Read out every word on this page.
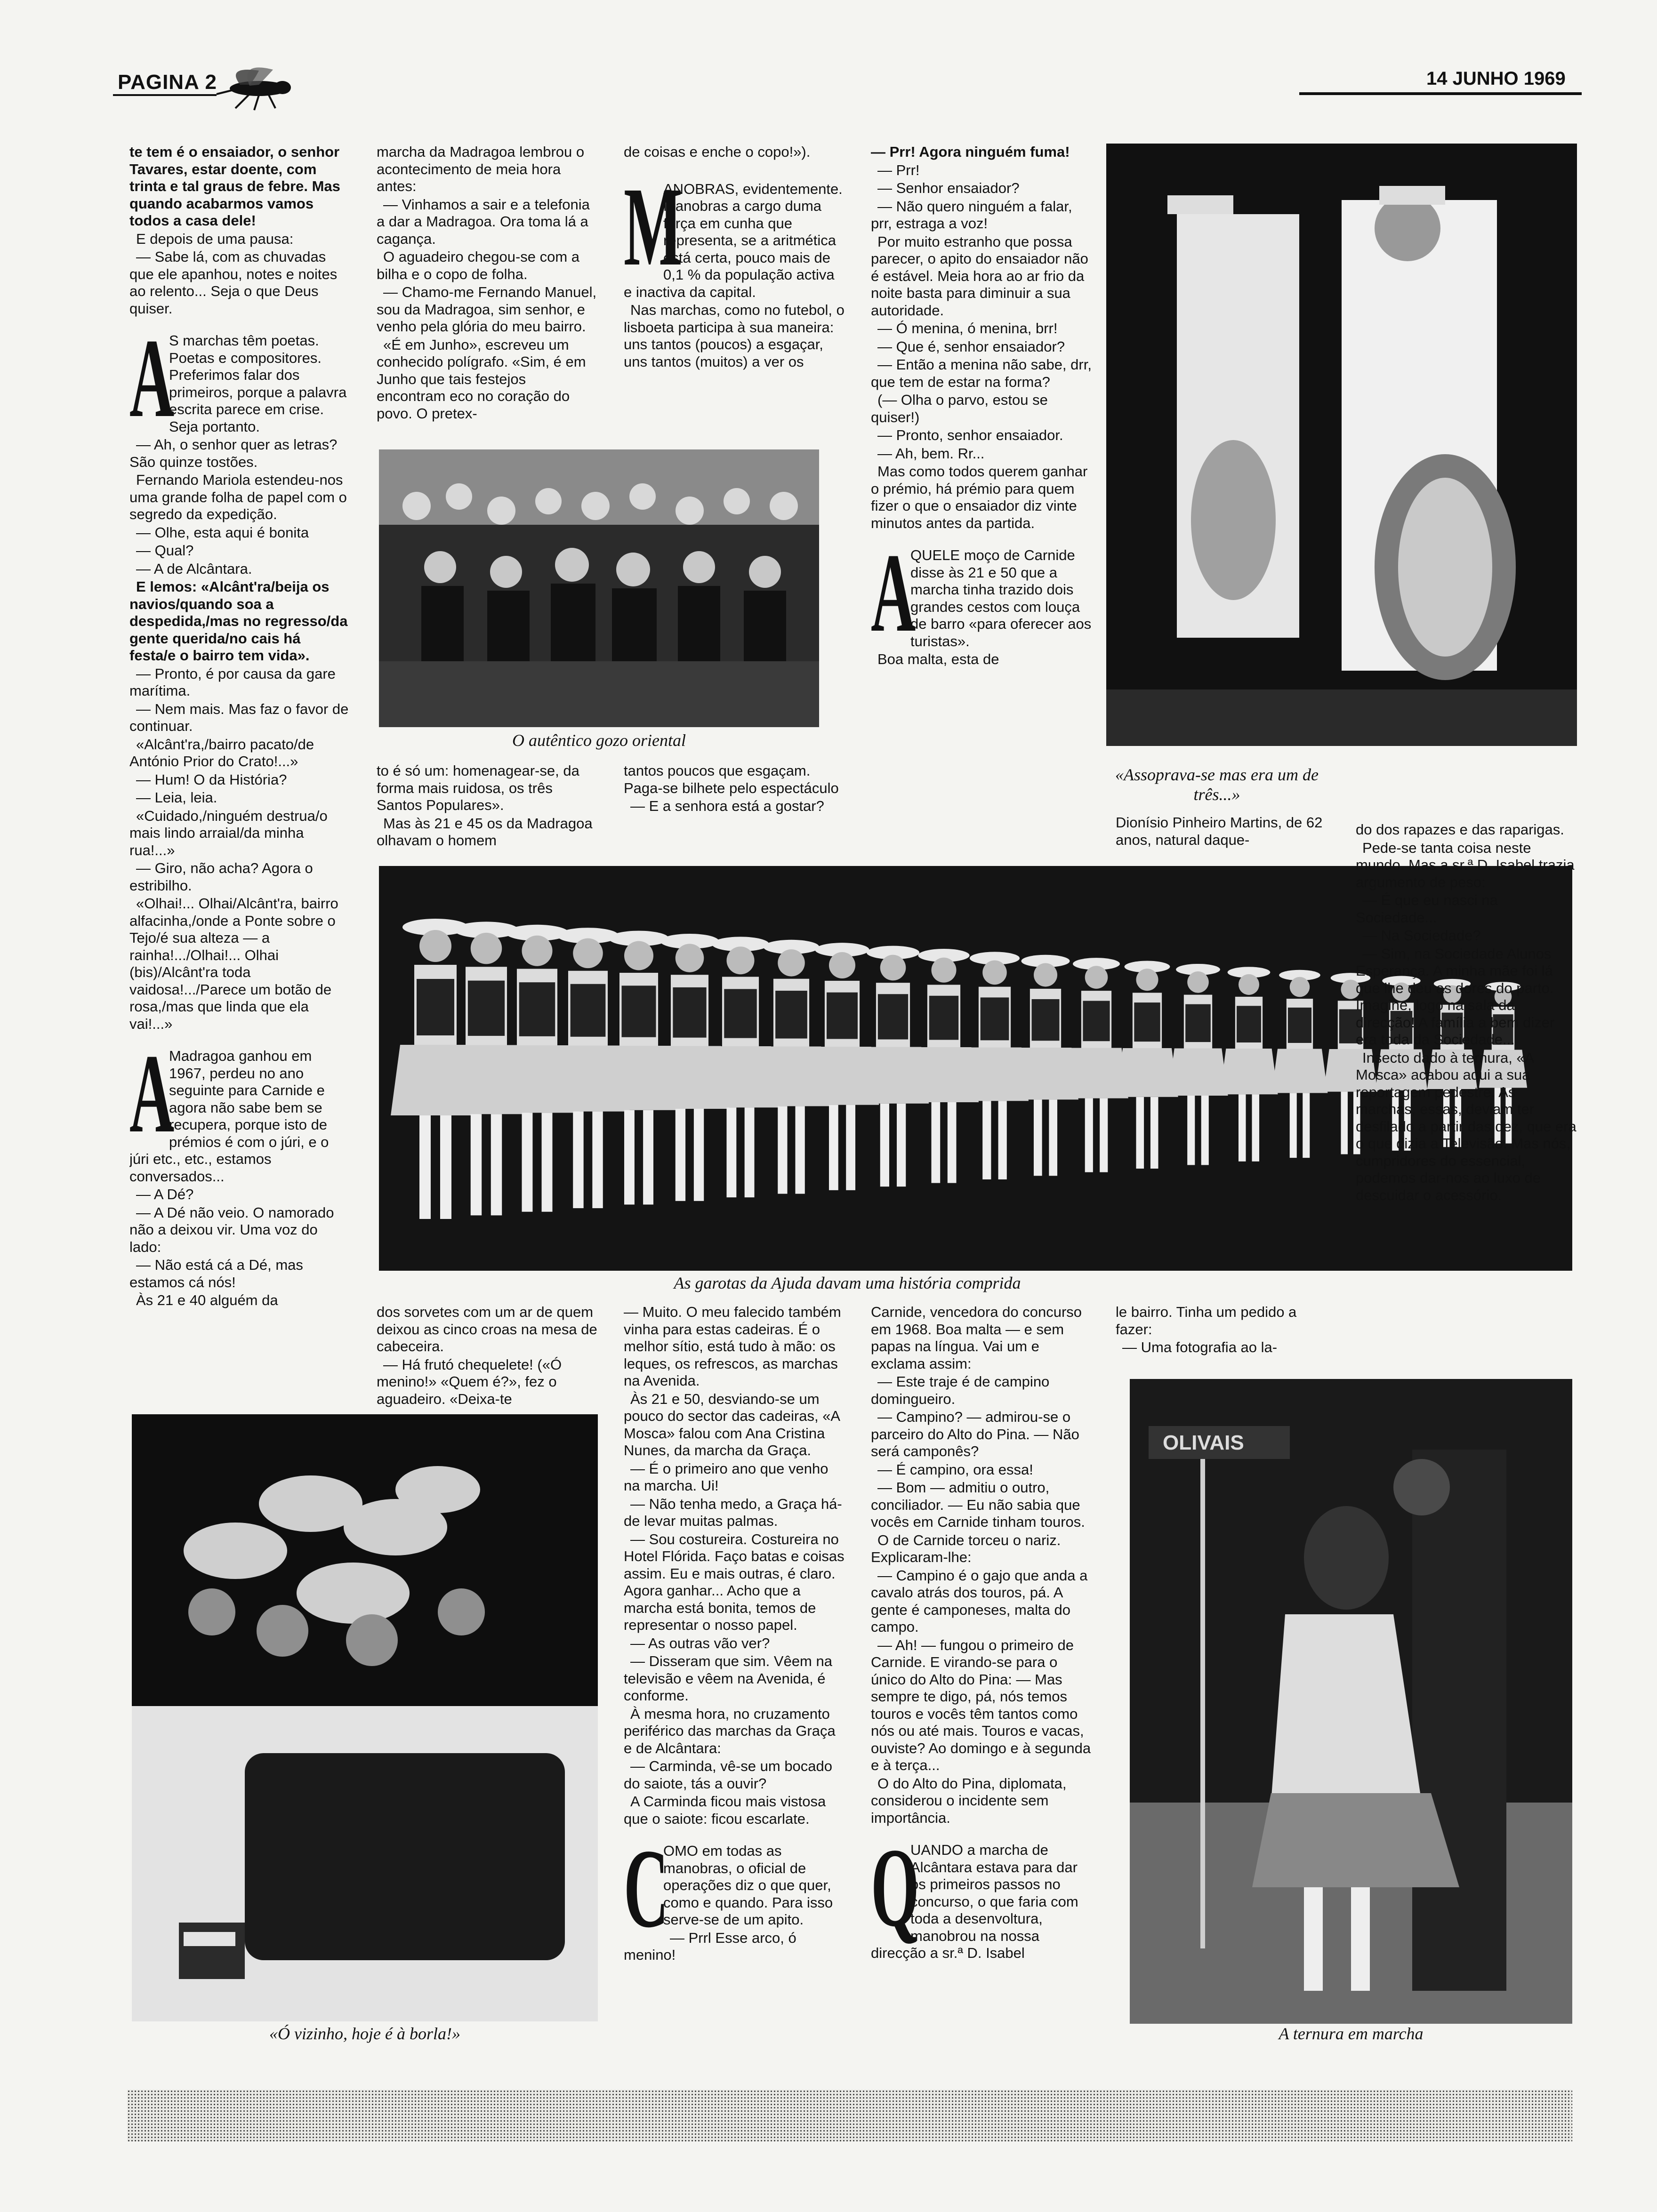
PAGINA 2	14 JUNHO 1969

te tem é o ensaiador, o senhor Tavares, estar doente, com trinta e tal graus de febre. Mas quando acabarmos vamos todos a casa dele!

E depois de uma pausa:

— Sabe lá, com as chuvadas que ele apanhou, notes e noites ao relento... Seja o que Deus quiser.

A
S marchas têm poetas. Poetas e compositores. Preferimos falar dos primeiros, porque a palavra escrita parece em crise. Seja portanto.

— Ah, o senhor quer as letras? São quinze tostões.

Fernando Mariola estendeu-nos uma grande folha de papel com o segredo da expedição.

— Olhe, esta aqui é bonita

— Qual?

— A de Alcântara.

E lemos: «Alcânt'ra/beija os navios/quando soa a despedida,/mas no regresso/da gente querida/no cais há festa/e o bairro tem vida».

— Pronto, é por causa da gare marítima.

— Nem mais. Mas faz o favor de continuar.

«Alcânt'ra,/bairro pacato/de António Prior do Crato!...»

— Hum! O da História?

— Leia, leia.

«Cuidado,/ninguém destrua/o mais lindo arraial/da minha rua!...»

— Giro, não acha? Agora o estribilho.

«Olhai!... Olhai/Alcânt'ra, bairro alfacinha,/onde a Ponte sobre o Tejo/é sua alteza — a rainha!.../Olhai!... Olhai (bis)/Alcânt'ra toda vaidosa!.../Parece um botão de rosa,/mas que linda que ela vai!...»

A
Madragoa ganhou em 1967, perdeu no ano seguinte para Carnide e agora não sabe bem se recupera, porque isto de prémios é com o júri, e o júri etc., etc., estamos conversados...

— A Dé?

— A Dé não veio. O namorado não a deixou vir. Uma voz do lado:

— Não está cá a Dé, mas estamos cá nós!

Às 21 e 40 alguém da

marcha da Madragoa lembrou o acontecimento de meia hora antes:

— Vinhamos a sair e a telefonia a dar a Madragoa. Ora toma lá a cagança.

O aguadeiro chegou-se com a bilha e o copo de folha.

— Chamo-me Fernando Manuel, sou da Madragoa, sim senhor, e venho pela glória do meu bairro.

«É em Junho», escreveu um conhecido polígrafo. «Sim, é em Junho que tais festejos encontram eco no coração do povo. O pretex-

de coisas e enche o copo!»).

M
ANOBRAS, evidentemente. Manobras a cargo duma força em cunha que representa, se a aritmética está certa, pouco mais de 0,1 % da população activa e inactiva da capital.

Nas marchas, como no futebol, o lisboeta participa à sua maneira: uns tantos (poucos) a esgaçar, uns tantos (muitos) a ver os

O autêntico gozo oriental

to é só um: homenagear-se, da forma mais ruidosa, os três Santos Populares».

Mas às 21 e 45 os da Madragoa olhavam o homem

tantos poucos que esgaçam. Paga-se bilhete pelo espectáculo

— E a senhora está a gostar?

— Prr! Agora ninguém fuma!

— Prr!

— Senhor ensaiador?

— Não quero ninguém a falar, prr, estraga a voz!

Por muito estranho que possa parecer, o apito do ensaiador não é estável. Meia hora ao ar frio da noite basta para diminuir a sua autoridade.

— Ó menina, ó menina, brr!

— Que é, senhor ensaiador?

— Então a menina não sabe, drr, que tem de estar na forma?

(— Olha o parvo, estou se quiser!)

— Pronto, senhor ensaiador.

— Ah, bem. Rr...

Mas como todos querem ganhar o prémio, há prémio para quem fizer o que o ensaiador diz vinte minutos antes da partida.

A
QUELE moço de Carnide disse às 21 e 50 que a marcha tinha trazido dois grandes cestos com louça de barro «para oferecer aos turistas».

Boa malta, esta de

«Assoprava-se mas era um de três...»

Dionísio Pinheiro Martins, de 62 anos, natural daque-

As garotas da Ajuda davam uma história comprida

do dos rapazes e das raparigas.

Pede-se tanta coisa neste mundo. Mas a sr.ª D. Isabel trazia argumento de peso:

— É que eu nasci na Sociedade...

— Na Sociedade?

— Sim, na Sociedade Alunos Esperança. A minha mãe foi lá que lhe deu as dores do parto. Imagine, logo na sala da direcção! A família a bem dizer era toda da Sociedade...

Insecto dado à ternura, «A Mosca» acabou aqui a sua reportagem pedestre. As marchas, essas, deviam ter desfilado a partir das dez, que era o que dizia a Televisão. Mas nós, cumpridores do essencial, podemos dar-nos ao luxo de descuidar o acessório.

dos sorvetes com um ar de quem deixou as cinco croas na mesa de cabeceira.

— Há frutó chequelete! («Ó menino!» «Quem é?», fez o aguadeiro. «Deixa-te

— Muito. O meu falecido também vinha para estas cadeiras. É o melhor sítio, está tudo à mão: os leques, os refrescos, as marchas na Avenida.

Às 21 e 50, desviando-se um pouco do sector das cadeiras, «A Mosca» falou com Ana Cristina Nunes, da marcha da Graça.

— É o primeiro ano que venho na marcha. Ui!

— Não tenha medo, a Graça há-de levar muitas palmas.

— Sou costureira. Costureira no Hotel Flórida. Faço batas e coisas assim. Eu e mais outras, é claro. Agora ganhar... Acho que a marcha está bonita, temos de representar o nosso papel.

— As outras vão ver?

— Disseram que sim. Vêem na televisão e vêem na Avenida, é conforme.

À mesma hora, no cruzamento periférico das marchas da Graça e de Alcântara:

— Carminda, vê-se um bocado do saiote, tás a ouvir?

A Carminda ficou mais vistosa que o saiote: ficou escarlate.

C
OMO em todas as manobras, o oficial de operações diz o que quer, como e quando. Para isso serve-se de um apito.

— Prrl Esse arco, ó menino!

Carnide, vencedora do concurso em 1968. Boa malta — e sem papas na língua. Vai um e exclama assim:

— Este traje é de campino domingueiro.

— Campino? — admirou-se o parceiro do Alto do Pina. — Não será camponês?

— É campino, ora essa!

— Bom — admitiu o outro, conciliador. — Eu não sabia que vocês em Carnide tinham touros.

O de Carnide torceu o nariz. Explicaram-lhe:

— Campino é o gajo que anda a cavalo atrás dos touros, pá. A gente é camponeses, malta do campo.

— Ah! — fungou o primeiro de Carnide. E virando-se para o único do Alto do Pina: — Mas sempre te digo, pá, nós temos touros e vocês têm tantos como nós ou até mais. Touros e vacas, ouviste? Ao domingo e à segunda e à terça...

O do Alto do Pina, diplomata, considerou o incidente sem importância.

Q
UANDO a marcha de Alcântara estava para dar os primeiros passos no concurso, o que faria com toda a desenvoltura, manobrou na nossa direcção a sr.ª D. Isabel

le bairro. Tinha um pedido a fazer:

— Uma fotografia ao la-

«Ó vizinho, hoje é à borla!»
OLIVAIS
A ternura em marcha
